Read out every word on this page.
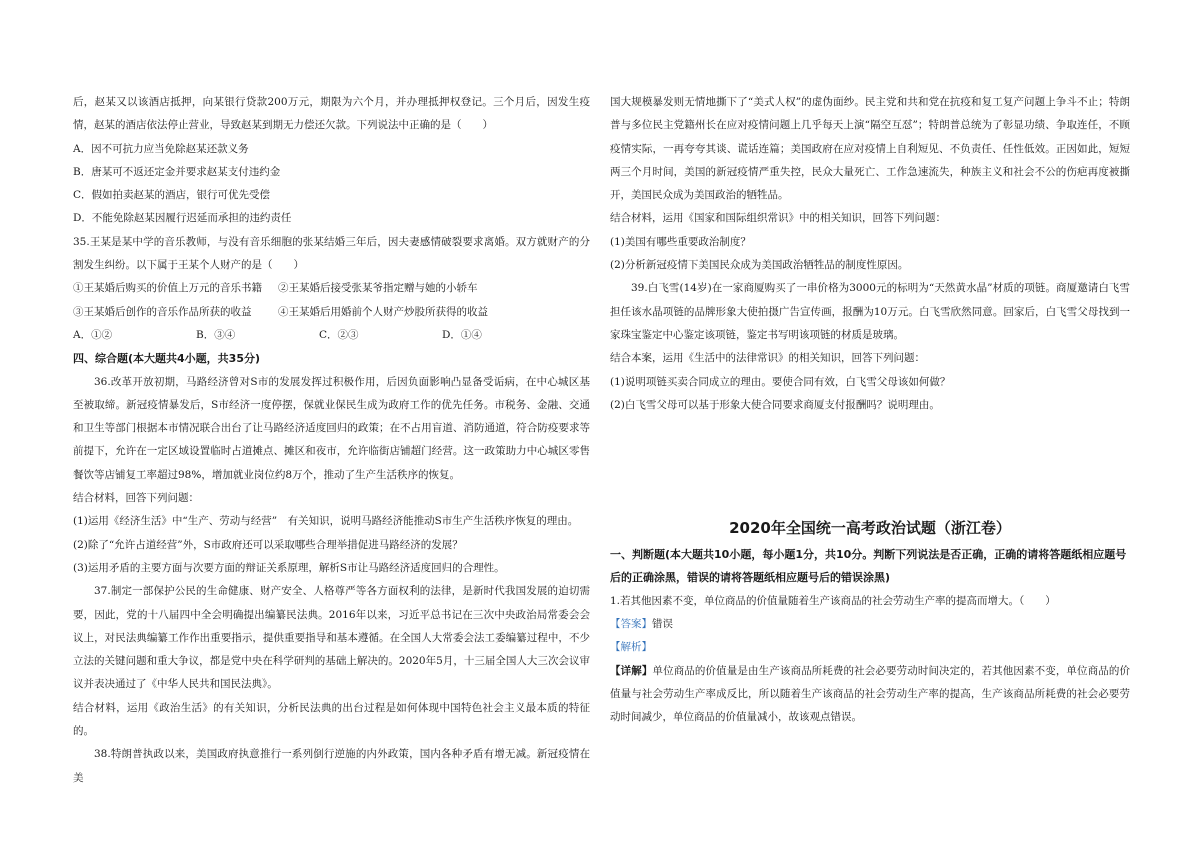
后，赵某又以该酒店抵押，向某银行贷款200万元，期限为六个月，并办理抵押权登记。三个月后，因发生疫情，赵某的酒店依法停止营业，导致赵某到期无力偿还欠款。下列说法中正确的是（　　）

A．因不可抗力应当免除赵某还款义务

B．唐某可不返还定金并要求赵某支付违约金

C．假如拍卖赵某的酒店，银行可优先受偿

D．不能免除赵某因履行迟延而承担的违约责任

35.王某是某中学的音乐教师，与没有音乐细胞的张某结婚三年后，因夫妻感情破裂要求离婚。双方就财产的分割发生纠纷。以下属于王某个人财产的是（　　）

①王某婚后购买的价值上万元的音乐书籍	②王某婚后接受张某爷指定赠与她的小轿车
③王某婚后创作的音乐作品所获的收益	④王某婚后用婚前个人财产炒股所获得的收益
A．①②	B．③④	C．②③	D．①④

四、综合题(本大题共4小题，共35分)

36.改革开放初期，马路经济曾对S市的发展发挥过积极作用，后因负面影响凸显备受诟病，在中心城区基至被取缔。新冠疫情暴发后，S市经济一度停摆，保就业保民生成为政府工作的优先任务。市税务、金融、交通和卫生等部门根据本市情况联合出台了让马路经济适度回归的政策；在不占用盲道、消防通道，符合防疫要求等前提下，允许在一定区域设置临时占道摊点、摊区和夜市，允许临街店铺超门经营。这一政策助力中心城区零售餐饮等店铺复工率超过98%，增加就业岗位约8万个，推动了生产生活秩序的恢复。

结合材料，回答下列问题：

(1)运用《经济生活》中“生产、劳动与经营”　有关知识，说明马路经济能推动S市生产生活秩序恢复的理由。

(2)除了“允许占道经营”外，S市政府还可以采取哪些合理举措促进马路经济的发展？

(3)运用矛盾的主要方面与次要方面的辩证关系原理，解析S市让马路经济适度回归的合理性。

37.制定一部保护公民的生命健康、财产安全、人格尊严等各方面权利的法律，是新时代我国发展的迫切需要，因此，党的十八届四中全会明确提出编纂民法典。2016年以来，习近平总书记在三次中央政治局常委会会议上，对民法典编纂工作作出重要指示，提供重要指导和基本遵循。在全国人大常委会法工委编纂过程中，不少立法的关键问题和重大争议，都是党中央在科学研判的基础上解决的。2020年5月，十三届全国人大三次会议审议并表决通过了《中华人民共和国民法典》。

结合材料，运用《政治生活》的有关知识，分析民法典的出台过程是如何体现中国特色社会主义最本质的特征的。

38.特朗普执政以来，美国政府执意推行一系列倒行逆施的内外政策，国内各种矛盾有增无减。新冠疫情在美

国大规模暴发则无情地撕下了“美式人权”的虚伪面纱。民主党和共和党在抗疫和复工复产问题上争斗不止；特朗普与多位民主党籍州长在应对疫情问题上几乎每天上演“隔空互怼”；特朗普总统为了彰显功绩、争取连任，不顾疫情实际，一再夸夸其谈、谎话连篇；美国政府在应对疫情上自利短见、不负责任、任性低效。正因如此，短短两三个月时间，美国的新冠疫情严重失控，民众大量死亡、工作急速流失，种族主义和社会不公的伤疤再度被撕开，美国民众成为美国政治的牺牲品。

结合材料，运用《国家和国际组织常识》中的相关知识，回答下列问题：

(1)美国有哪些重要政治制度？

(2)分析新冠疫情下美国民众成为美国政治牺牲品的制度性原因。

39.白飞雪(14岁)在一家商厦购买了一串价格为3000元的标明为“天然黄水晶”材质的项链。商厦邀请白飞雪担任该水晶项链的品牌形象大使拍摄广告宣传画，报酬为10万元。白飞雪欣然同意。回家后，白飞雪父母找到一家珠宝鉴定中心鉴定该项链，鉴定书写明该项链的材质是玻璃。

结合本案，运用《生活中的法律常识》的相关知识，回答下列问题：

(1)说明项链买卖合同成立的理由。要使合同有效，白飞雪父母该如何做？

(2)白飞雪父母可以基于形象大使合同要求商厦支付报酬吗？说明理由。

2020年全国统一高考政治试题（浙江卷）

一、判断题(本大题共10小题，每小题1分，共10分。判断下列说法是否正确，正确的请将答题纸相应题号后的正确涂黑，错误的请将答题纸相应题号后的错误涂黑)

1.若其他因素不变，单位商品的价值量随着生产该商品的社会劳动生产率的提高而增大。（　　）

【答案】错误

【解析】

【详解】单位商品的价值量是由生产该商品所耗费的社会必要劳动时间决定的，若其他因素不变，单位商品的价值量与社会劳动生产率成反比，所以随着生产该商品的社会劳动生产率的提高，生产该商品所耗费的社会必要劳动时间减少，单位商品的价值量减小，故该观点错误。
